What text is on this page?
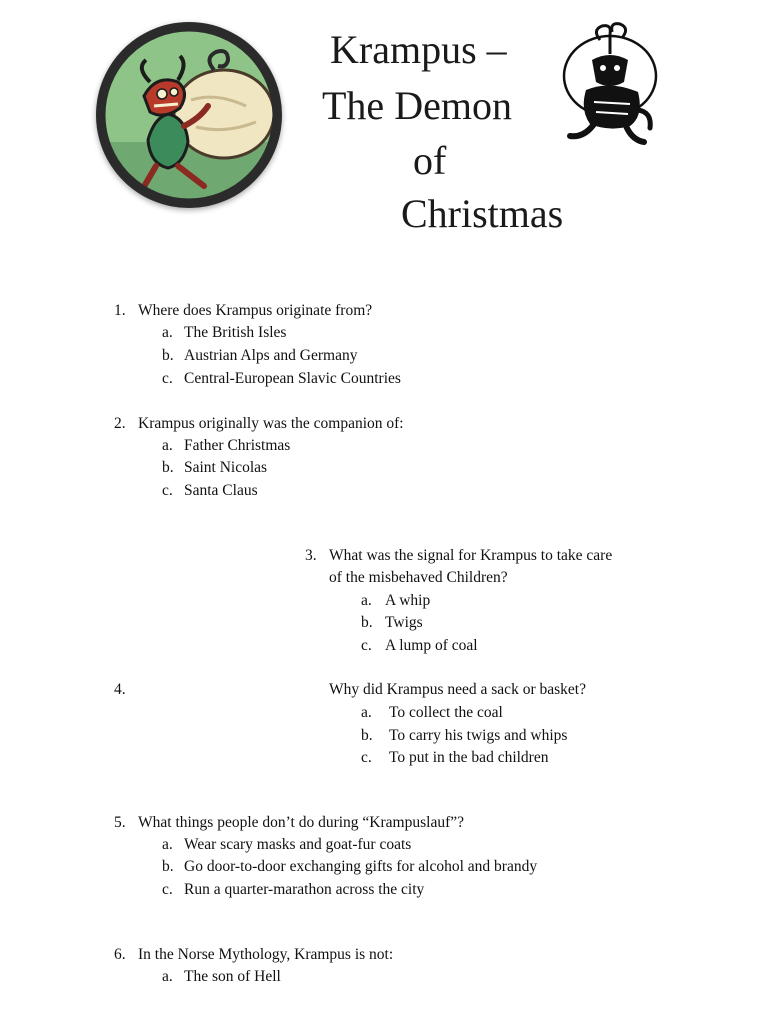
Krampus –
The Demon
of
Christmas
1. Where does Krampus originate from?
a. The British Isles
b. Austrian Alps and Germany
c. Central-European Slavic Countries
2. Krampus originally was the companion of:
a. Father Christmas
b. Saint Nicolas
c. Santa Claus
3. What was the signal for Krampus to take care
of the misbehaved Children?
a. A whip
b. Twigs
c. A lump of coal
4.	Why did Krampus need a sack or basket?
a. To collect the coal
b. To carry his twigs and whips
c. To put in the bad children
5. What things people don’t do during “Krampuslauf”?
a. Wear scary masks and goat-fur coats
b. Go door-to-door exchanging gifts for alcohol and brandy
c. Run a quarter-marathon across the city
6. In the Norse Mythology, Krampus is not:
a. The son of Hell
